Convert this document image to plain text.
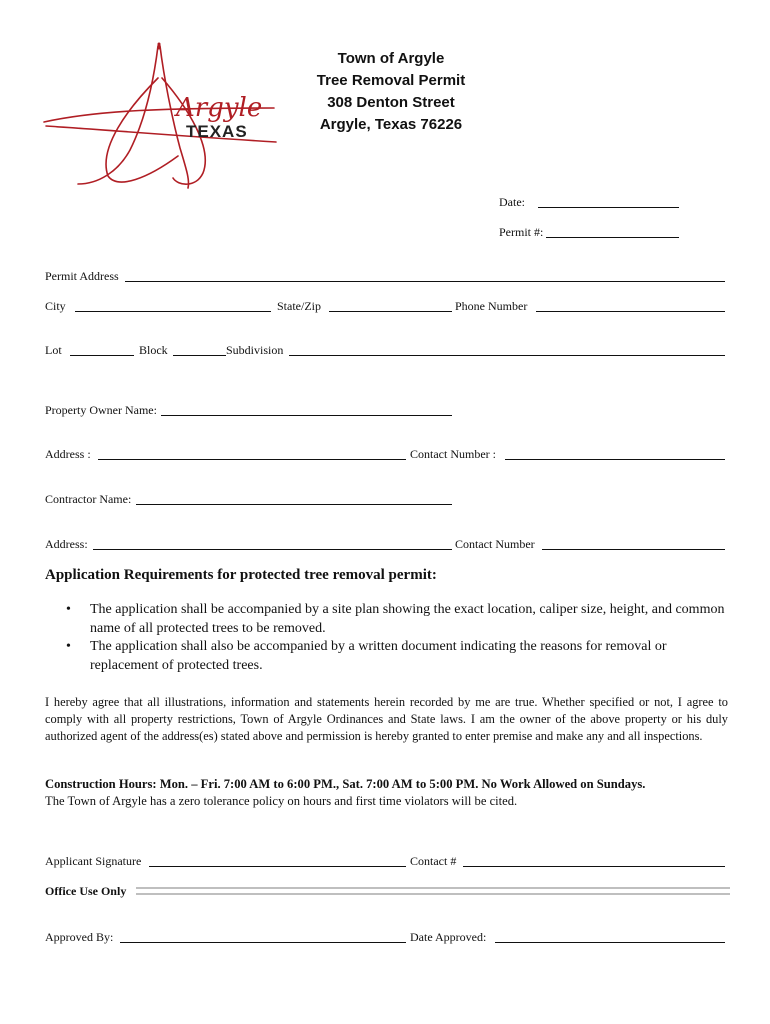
Argyle
TEXAS
Town of Argyle
Tree Removal Permit
308 Denton Street
Argyle, Texas 76226
Date:
Permit #:
Permit Address
City	State/Zip	Phone Number
Lot	Block	Subdivision
Property Owner Name:
Address :	Contact Number :
Contractor Name:
Address:	Contact Number
Application Requirements for protected tree removal permit:
• The application shall be accompanied by a site plan showing the exact location, caliper size, height, and common name of all protected trees to be removed.
• The application shall also be accompanied by a written document indicating the reasons for removal or replacement of protected trees.
I hereby agree that all illustrations, information and statements herein recorded by me are true. Whether specified or not, I agree to comply with all property restrictions, Town of Argyle Ordinances and State laws. I am the owner of the above property or his duly authorized agent of the address(es) stated above and permission is hereby granted to enter premise and make any and all inspections.
Construction Hours: Mon. – Fri. 7:00 AM to 6:00 PM., Sat. 7:00 AM to 5:00 PM. No Work Allowed on Sundays.
The Town of Argyle has a zero tolerance policy on hours and first time violators will be cited.
Applicant Signature	Contact #
Office Use Only
Approved By:	Date Approved:
